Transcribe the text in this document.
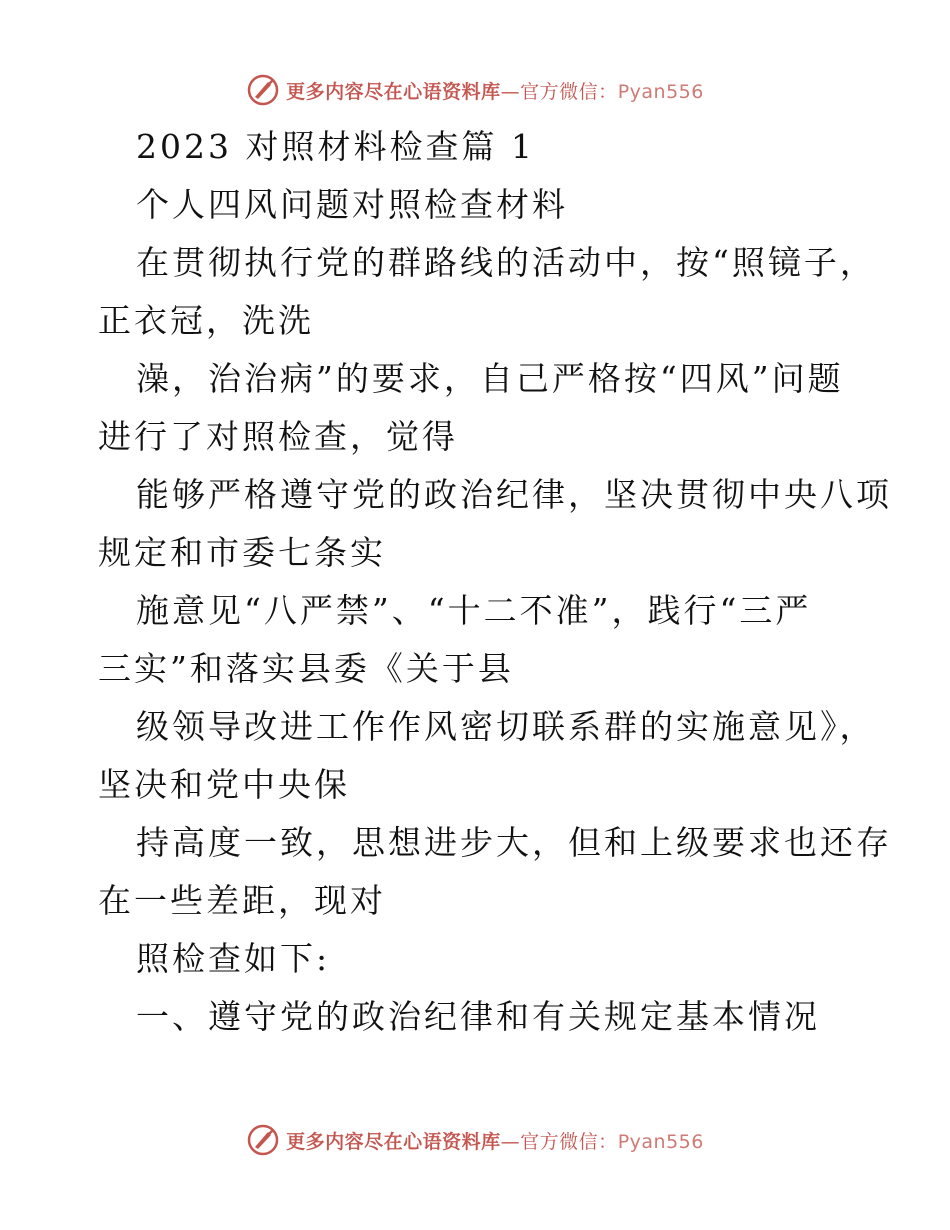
更多内容尽在心语资料库—官方微信：Pyan556
2023 对照材料检查篇 1
个人四风问题对照检查材料
在贯彻执行党的群路线的活动中，按“照镜子，
正衣冠，洗洗
澡，治治病”的要求，自己严格按“四风”问题
进行了对照检查，觉得
能够严格遵守党的政治纪律，坚决贯彻中央八项
规定和市委七条实
施意见“八严禁”、“十二不准”，践行“三严
三实”和落实县委《关于县
级领导改进工作作风密切联系群的实施意见》，
坚决和党中央保
持高度一致，思想进步大，但和上级要求也还存
在一些差距，现对
照检查如下:
一、遵守党的政治纪律和有关规定基本情况
更多内容尽在心语资料库—官方微信：Pyan556
